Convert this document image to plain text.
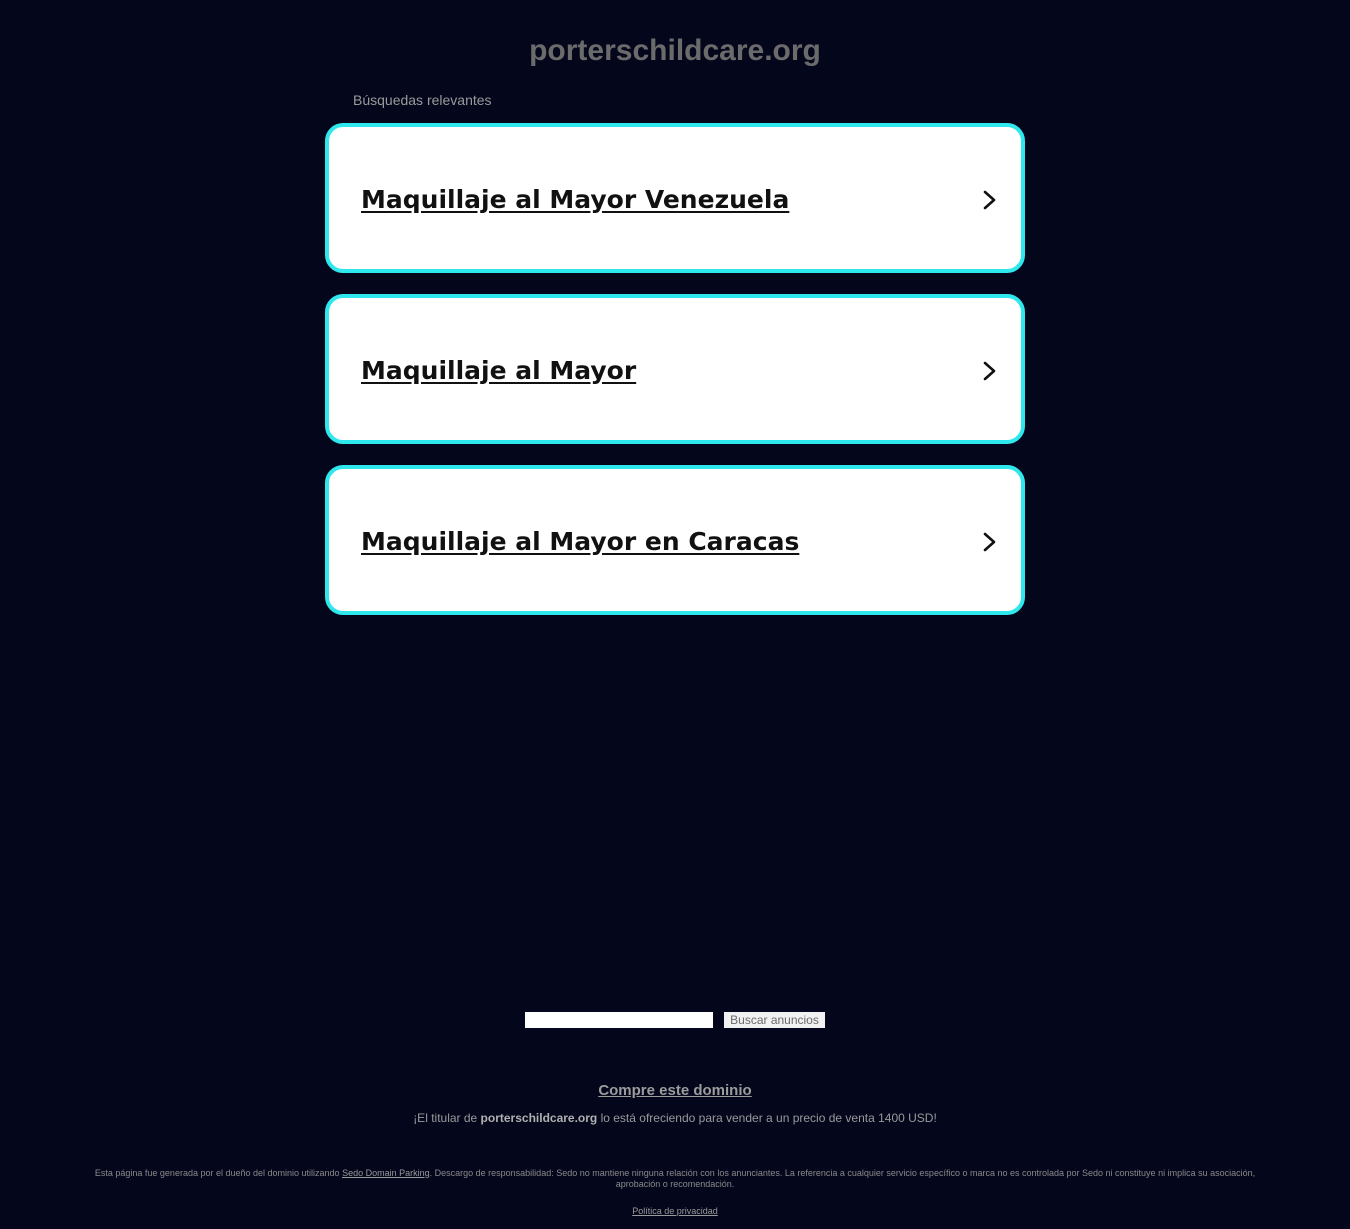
porterschildcare.org
Búsquedas relevantes
Maquillaje al Mayor Venezuela
Maquillaje al Mayor
Maquillaje al Mayor en Caracas
Buscar anuncios
Compre este dominio
¡El titular de porterschildcare.org lo está ofreciendo para vender a un precio de venta 1400 USD!
Esta página fue generada por el dueño del dominio utilizando Sedo Domain Parking. Descargo de responsabilidad: Sedo no mantiene ninguna relación con los anunciantes. La referencia a cualquier servicio específico o marca no es controlada por Sedo ni constituye ni implica su asociación, aprobación o recomendación.
Política de privacidad
